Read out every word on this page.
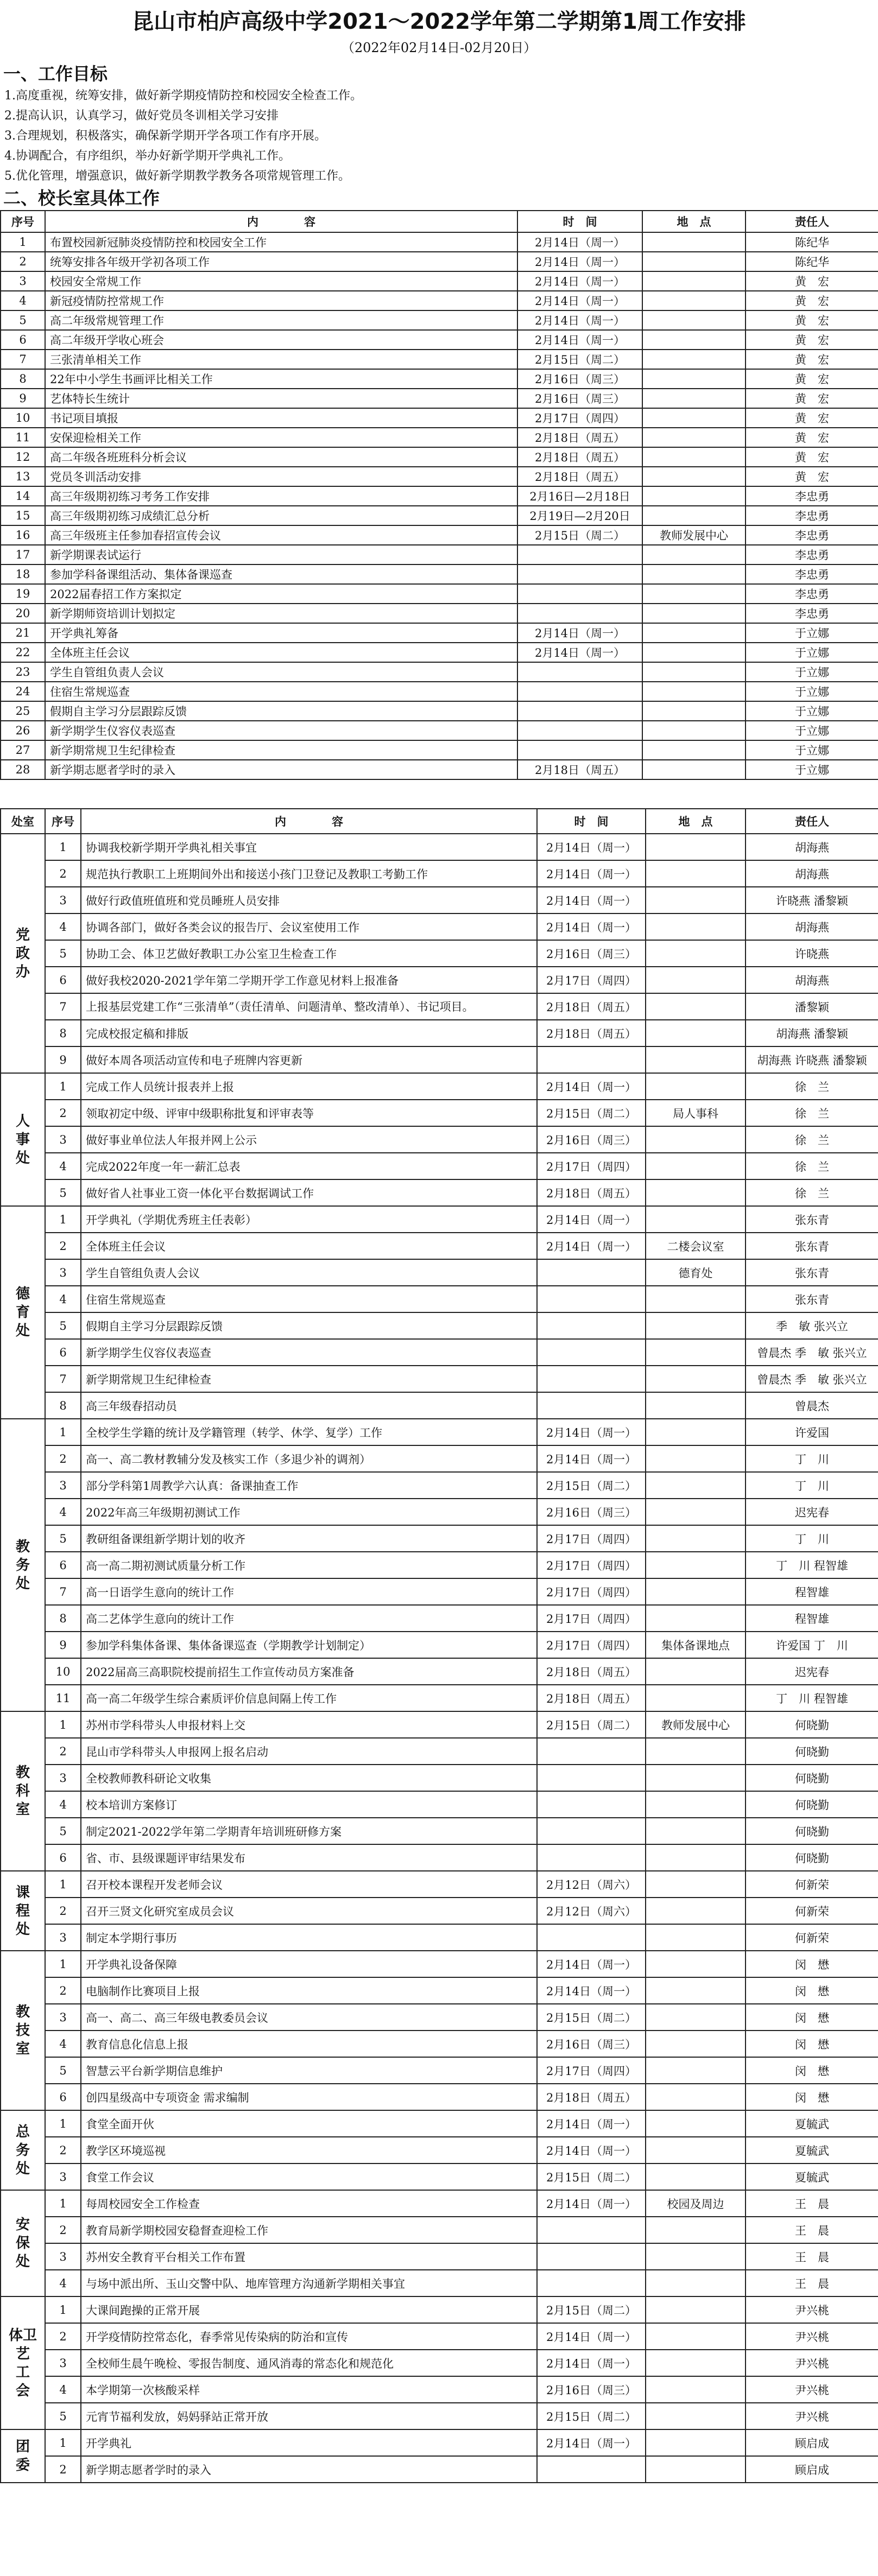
昆山市柏庐高级中学2021～2022学年第二学期第1周工作安排
（2022年02月14日-02月20日）
一、工作目标
1.高度重视，统筹安排，做好新学期疫情防控和校园安全检查工作。
2.提高认识，认真学习，做好党员冬训相关学习安排
3.合理规划，积极落实，确保新学期开学各项工作有序开展。
4.协调配合，有序组织，举办好新学期开学典礼工作。
5.优化管理，增强意识，做好新学期教学教务各项常规管理工作。
二、校长室具体工作
序号	内　　　　容	时　间	地　点	责任人
1	布置校园新冠肺炎疫情防控和校园安全工作	2月14日（周一）		陈纪华
2	统筹安排各年级开学初各项工作	2月14日（周一）		陈纪华
3	校园安全常规工作	2月14日（周一）		黄　宏
4	新冠疫情防控常规工作	2月14日（周一）		黄　宏
5	高二年级常规管理工作	2月14日（周一）		黄　宏
6	高二年级开学收心班会	2月14日（周一）		黄　宏
7	三张清单相关工作	2月15日（周二）		黄　宏
8	22年中小学生书画评比相关工作	2月16日（周三）		黄　宏
9	艺体特长生统计	2月16日（周三）		黄　宏
10	书记项目填报	2月17日（周四）		黄　宏
11	安保迎检相关工作	2月18日（周五）		黄　宏
12	高二年级各班班科分析会议	2月18日（周五）		黄　宏
13	党员冬训活动安排	2月18日（周五）		黄　宏
14	高三年级期初练习考务工作安排	2月16日—2月18日		李忠勇
15	高三年级期初练习成绩汇总分析	2月19日—2月20日		李忠勇
16	高三年级班主任参加春招宣传会议	2月15日（周二）	教师发展中心	李忠勇
17	新学期课表试运行			李忠勇
18	参加学科备课组活动、集体备课巡查			李忠勇
19	2022届春招工作方案拟定			李忠勇
20	新学期师资培训计划拟定			李忠勇
21	开学典礼筹备	2月14日（周一）		于立娜
22	全体班主任会议	2月14日（周一）		于立娜
23	学生自管组负责人会议			于立娜
24	住宿生常规巡查			于立娜
25	假期自主学习分层跟踪反馈			于立娜
26	新学期学生仪容仪表巡查			于立娜
27	新学期常规卫生纪律检查			于立娜
28	新学期志愿者学时的录入	2月18日（周五）		于立娜
处室	序号	内　　　　容	时　间	地　点	责任人
党
政
办	1	协调我校新学期开学典礼相关事宜	2月14日（周一）		胡海燕
	2	规范执行教职工上班期间外出和接送小孩门卫登记及教职工考勤工作	2月14日（周一）		胡海燕
	3	做好行政值班值班和党员睡班人员安排	2月14日（周一）		许晓燕 潘黎颖
	4	协调各部门，做好各类会议的报告厅、会议室使用工作	2月14日（周一）		胡海燕
	5	协助工会、体卫艺做好教职工办公室卫生检查工作	2月16日（周三）		许晓燕
	6	做好我校2020-2021学年第二学期开学工作意见材料上报准备	2月17日（周四）		胡海燕
	7	上报基层党建工作“三张清单”（责任清单、问题清单、整改清单）、书记项目。	2月18日（周五）		潘黎颖
	8	完成校报定稿和排版	2月18日（周五）		胡海燕 潘黎颖
	9	做好本周各项活动宣传和电子班牌内容更新			胡海燕 许晓燕 潘黎颖
人
事
处	1	完成工作人员统计报表并上报	2月14日（周一）		徐　兰
	2	领取初定中级、评审中级职称批复和评审表等	2月15日（周二）	局人事科	徐　兰
	3	做好事业单位法人年报并网上公示	2月16日（周三）		徐　兰
	4	完成2022年度一年一薪汇总表	2月17日（周四）		徐　兰
	5	做好省人社事业工资一体化平台数据调试工作	2月18日（周五）		徐　兰
德
育
处	1	开学典礼（学期优秀班主任表彰）	2月14日（周一）		张东青
	2	全体班主任会议	2月14日（周一）	二楼会议室	张东青
	3	学生自管组负责人会议		德育处	张东青
	4	住宿生常规巡查			张东青
	5	假期自主学习分层跟踪反馈			季　敏 张兴立
	6	新学期学生仪容仪表巡查			曾晨杰 季　敏 张兴立
	7	新学期常规卫生纪律检查			曾晨杰 季　敏 张兴立
	8	高三年级春招动员			曾晨杰
教
务
处	1	全校学生学籍的统计及学籍管理（转学、休学、复学）工作	2月14日（周一）		许爱国
	2	高一、高二教材教辅分发及核实工作（多退少补的调剂）	2月14日（周一）		丁　川
	3	部分学科第1周教学六认真：备课抽查工作	2月15日（周二）		丁　川
	4	2022年高三年级期初测试工作	2月16日（周三）		迟宪春
	5	教研组备课组新学期计划的收齐	2月17日（周四）		丁　川
	6	高一高二期初测试质量分析工作	2月17日（周四）		丁　川 程智雄
	7	高一日语学生意向的统计工作	2月17日（周四）		程智雄
	8	高二艺体学生意向的统计工作	2月17日（周四）		程智雄
	9	参加学科集体备课、集体备课巡查（学期教学计划制定）	2月17日（周四）	集体备课地点	许爱国 丁　川
	10	2022届高三高职院校提前招生工作宣传动员方案准备	2月18日（周五）		迟宪春
	11	高一高二年级学生综合素质评价信息间隔上传工作	2月18日（周五）		丁　川 程智雄
教
科
室	1	苏州市学科带头人申报材料上交	2月15日（周二）	教师发展中心	何晓勤
	2	昆山市学科带头人申报网上报名启动			何晓勤
	3	全校教师教科研论文收集			何晓勤
	4	校本培训方案修订			何晓勤
	5	制定2021-2022学年第二学期青年培训班研修方案			何晓勤
	6	省、市、县级课题评审结果发布			何晓勤
课
程
处	1	召开校本课程开发老师会议	2月12日（周六）		何新荣
	2	召开三贤文化研究室成员会议	2月12日（周六）		何新荣
	3	制定本学期行事历			何新荣
教
技
室	1	开学典礼设备保障	2月14日（周一）		闵　懋
	2	电脑制作比赛项目上报	2月14日（周一）		闵　懋
	3	高一、高二、高三年级电教委员会议	2月15日（周二）		闵　懋
	4	教育信息化信息上报	2月16日（周三）		闵　懋
	5	智慧云平台新学期信息维护	2月17日（周四）		闵　懋
	6	创四星级高中专项资金 需求编制	2月18日（周五）		闵　懋
总
务
处	1	食堂全面开伙	2月14日（周一）		夏毓武
	2	教学区环境巡视	2月14日（周一）		夏毓武
	3	食堂工作会议	2月15日（周二）		夏毓武
安
保
处	1	每周校园安全工作检查	2月14日（周一）	校园及周边	王　晨
	2	教育局新学期校园安稳督查迎检工作			王　晨
	3	苏州安全教育平台相关工作布置			王　晨
	4	与场中派出所、玉山交警中队、地库管理方沟通新学期相关事宜			王　晨
体卫艺
工　会	1	大课间跑操的正常开展	2月15日（周二）		尹兴桃
	2	开学疫情防控常态化，春季常见传染病的防治和宣传	2月14日（周一）		尹兴桃
	3	全校师生晨午晚检、零报告制度、通风消毒的常态化和规范化	2月14日（周一）		尹兴桃
	4	本学期第一次核酸采样	2月16日（周三）		尹兴桃
	5	元宵节福利发放，妈妈驿站正常开放	2月15日（周二）		尹兴桃
团
委	1	开学典礼	2月14日（周一）		顾启成
	2	新学期志愿者学时的录入			顾启成
